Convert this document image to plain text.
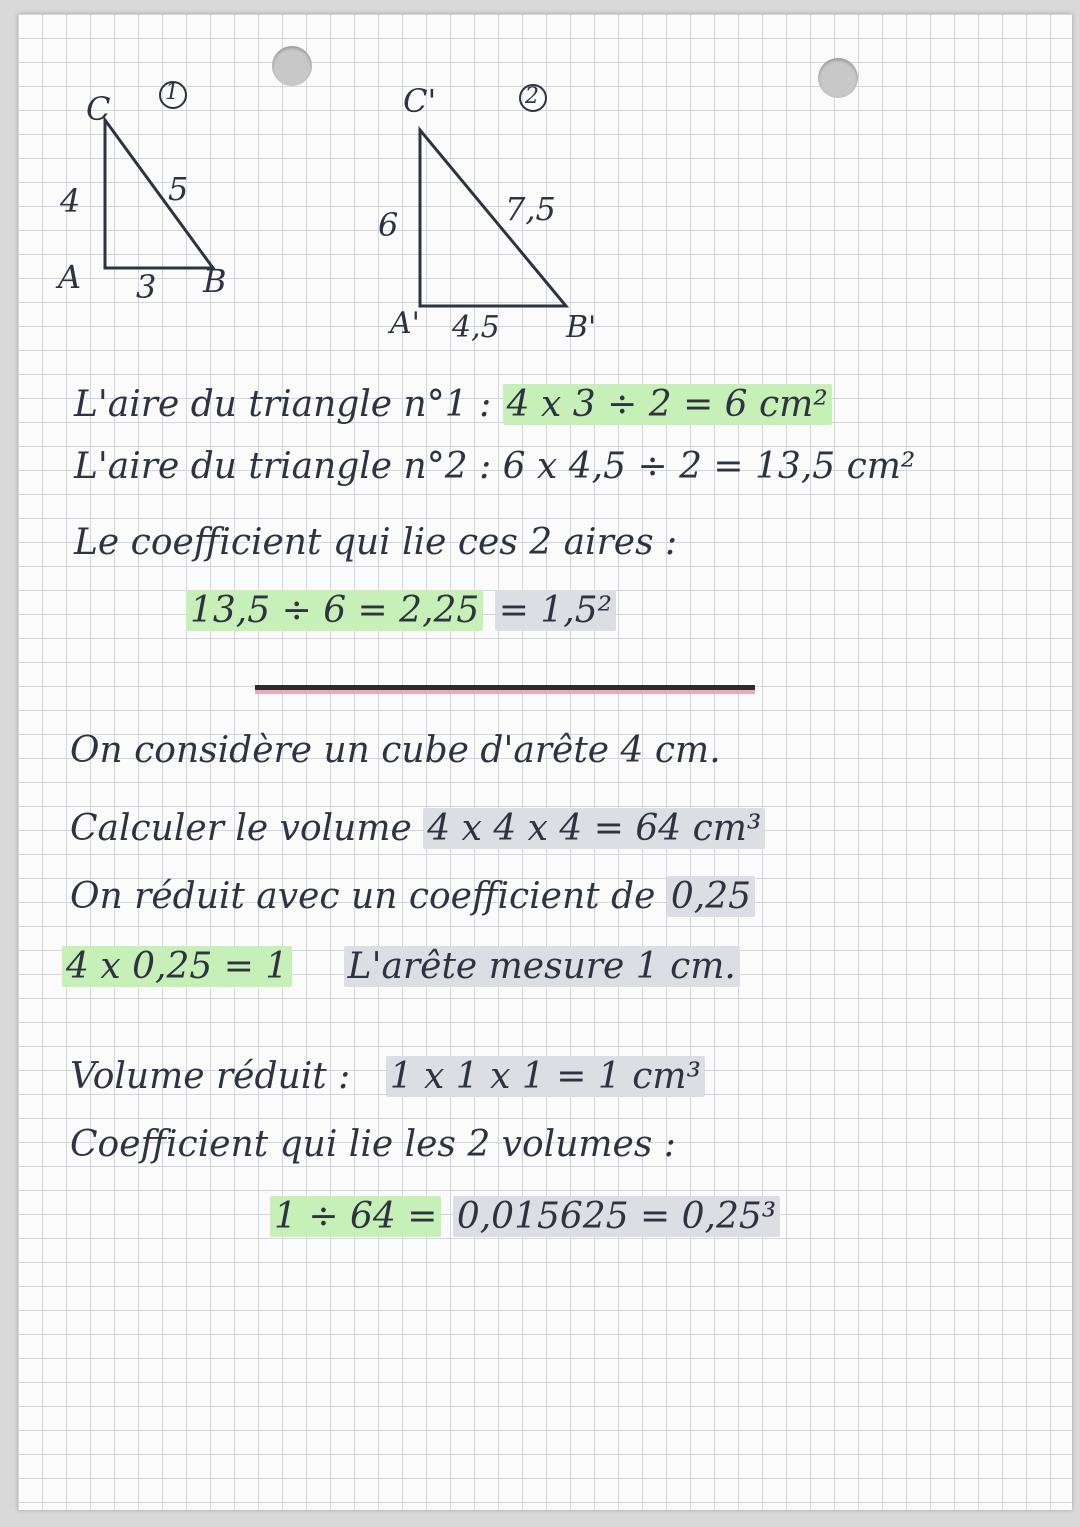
1
C
4	5
A 3 B
2
C'
6	7,5
A' 4,5 B'
L'aire du triangle n°1 : 4 x 3 ÷ 2 = 6 cm²
L'aire du triangle n°2 : 6 x 4,5 ÷ 2 = 13,5 cm²
Le coefficient qui lie ces 2 aires :
13,5 ÷ 6 = 2,25 = 1,5²
On considère un cube d'arête 4 cm.
Calculer le volume 4 x 4 x 4 = 64 cm³
On réduit avec un coefficient de 0,25
4 x 0,25 = 1 L'arête mesure 1 cm.
Volume réduit : 1 x 1 x 1 = 1 cm³
Coefficient qui lie les 2 volumes :
1 ÷ 64 = 0,015625 = 0,25³
